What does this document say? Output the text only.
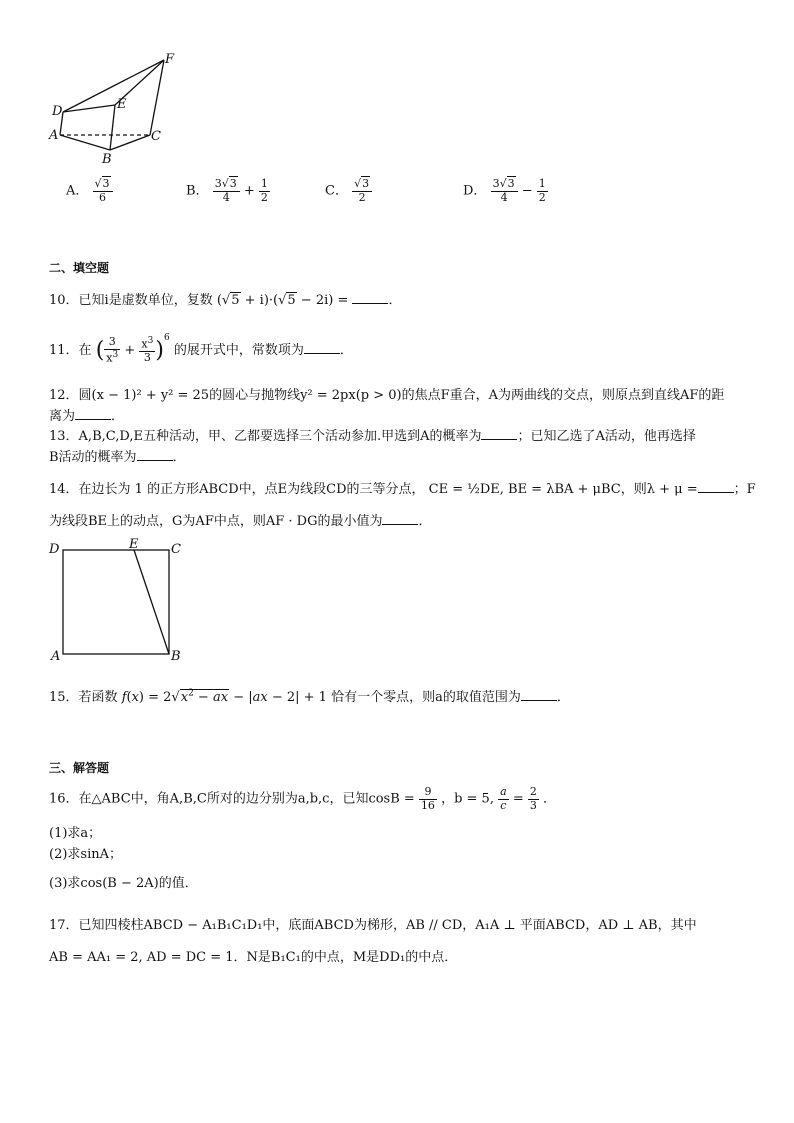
F
D	E
A	C
B
A． $\frac{√3}{6}$	B． $\frac{3√3}{4} + \frac{1}{2}$	C． $\frac{√3}{2}$	D． $\frac{3√3}{4} - \frac{1}{2}$
二、填空题
10．已知i是虚数单位，复数 (√5 + i)·(√5 − 2i) =	．
11．在 ( $\frac{3}{x^3} + \frac{x^3}{3} )^6$ 的展开式中，常数项为	．
12．圆(x − 1)² + y² = 25的圆心与抛物线y² = 2px(p > 0)的焦点F重合，A为两曲线的交点，则原点到直线AF的距
离为	．
13．A,B,C,D,E五种活动，甲、乙都要选择三个活动参加.甲选到A的概率为	；已知乙选了A活动，他再选择
B活动的概率为	．
14．在边长为 1 的正方形ABCD中，点E为线段CD的三等分点， CE = ½DE, BE = λBA + μBC，则λ + μ =	；F
为线段BE上的动点，G为AF中点，则AF · DG的最小值为	．
D	E	C
A	B
15．若函数 $f(x) = 2√x^2$ − ax − |ax − 2| + 1 恰有一个零点，则a的取值范围为	．
三、解答题
16．在△ABC中，角A,B,C所对的边分别为a,b,c，已知$\cos B = \frac{9}{16}$ ，b = 5, $\frac{a}{c} = \frac{2}{3}$ ．
(1)求a；
(2)求sinA；
(3)求cos(B − 2A)的值．
17．已知四棱柱ABCD − A₁B₁C₁D₁中，底面ABCD为梯形，AB // CD，A₁A ⊥ 平面ABCD，AD ⊥ AB，其中
AB = AA₁ = 2, AD = DC = 1．N是B₁C₁的中点，M是DD₁的中点．
